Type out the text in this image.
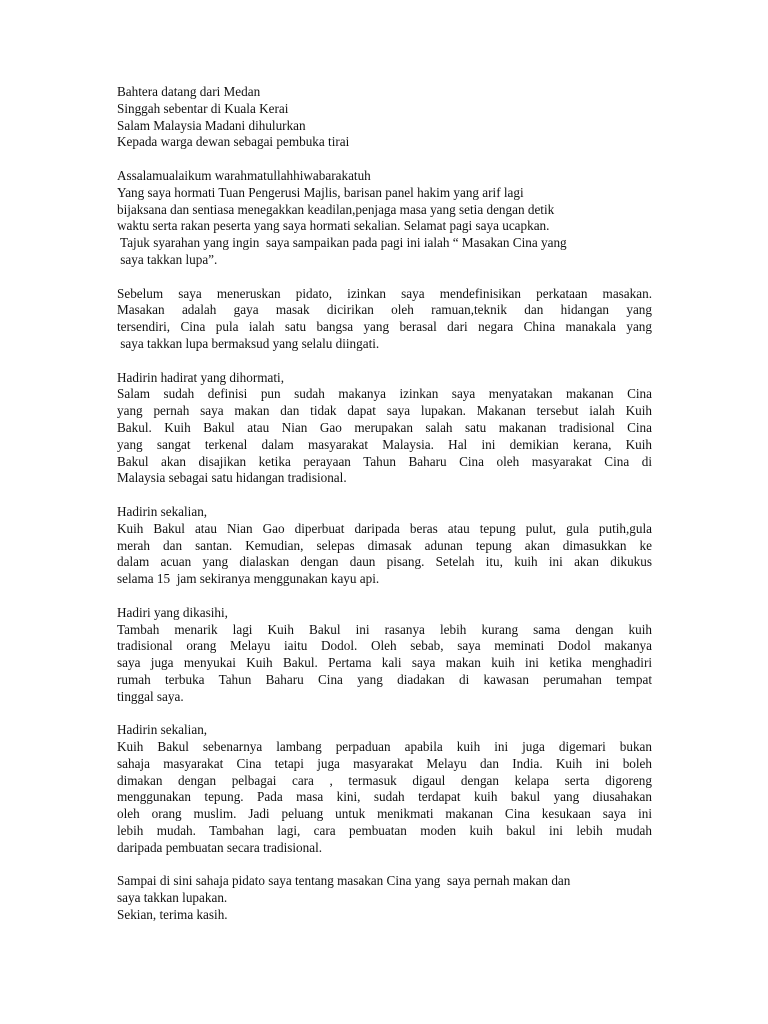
Bahtera datang dari Medan
Singgah sebentar di Kuala Kerai
Salam Malaysia Madani dihulurkan
Kepada warga dewan sebagai pembuka tirai
Assalamualaikum warahmatullahhiwabarakatuh
Yang saya hormati Tuan Pengerusi Majlis, barisan panel hakim yang arif lagi
bijaksana dan sentiasa menegakkan keadilan,penjaga masa yang setia dengan detik
waktu serta rakan peserta yang saya hormati sekalian. Selamat pagi saya ucapkan.
Tajuk syarahan yang ingin  saya sampaikan pada pagi ini ialah “ Masakan Cina yang
saya takkan lupa”.
Sebelum saya meneruskan pidato, izinkan saya mendefinisikan perkataan masakan.
Masakan adalah gaya masak dicirikan oleh ramuan,teknik dan hidangan yang
tersendiri, Cina pula ialah satu bangsa yang berasal dari negara China manakala yang
saya takkan lupa bermaksud yang selalu diingati.
Hadirin hadirat yang dihormati,
Salam sudah definisi pun sudah makanya izinkan saya menyatakan makanan Cina
yang pernah saya makan dan tidak dapat saya lupakan. Makanan tersebut ialah Kuih
Bakul. Kuih Bakul atau Nian Gao merupakan salah satu makanan tradisional Cina
yang sangat terkenal dalam masyarakat Malaysia. Hal ini demikian kerana, Kuih
Bakul akan disajikan ketika perayaan Tahun Baharu Cina oleh masyarakat Cina di
Malaysia sebagai satu hidangan tradisional.
Hadirin sekalian,
Kuih Bakul atau Nian Gao diperbuat daripada beras atau tepung pulut, gula putih,gula
merah dan santan. Kemudian, selepas dimasak adunan tepung akan dimasukkan ke
dalam acuan yang dialaskan dengan daun pisang. Setelah itu, kuih ini akan dikukus
selama 15  jam sekiranya menggunakan kayu api.
Hadiri yang dikasihi,
Tambah menarik lagi Kuih Bakul ini rasanya lebih kurang sama dengan kuih
tradisional orang Melayu iaitu Dodol. Oleh sebab, saya meminati Dodol makanya
saya juga menyukai Kuih Bakul. Pertama kali saya makan kuih ini ketika menghadiri
rumah terbuka Tahun Baharu Cina yang diadakan di kawasan perumahan tempat
tinggal saya.
Hadirin sekalian,
Kuih Bakul sebenarnya lambang perpaduan apabila kuih ini juga digemari bukan
sahaja masyarakat Cina tetapi juga masyarakat Melayu dan India. Kuih ini boleh
dimakan dengan pelbagai cara , termasuk digaul dengan kelapa serta digoreng
menggunakan tepung. Pada masa kini, sudah terdapat kuih bakul yang diusahakan
oleh orang muslim. Jadi peluang untuk menikmati makanan Cina kesukaan saya ini
lebih mudah. Tambahan lagi, cara pembuatan moden kuih bakul ini lebih mudah
daripada pembuatan secara tradisional.
Sampai di sini sahaja pidato saya tentang masakan Cina yang  saya pernah makan dan
saya takkan lupakan.
Sekian, terima kasih.
